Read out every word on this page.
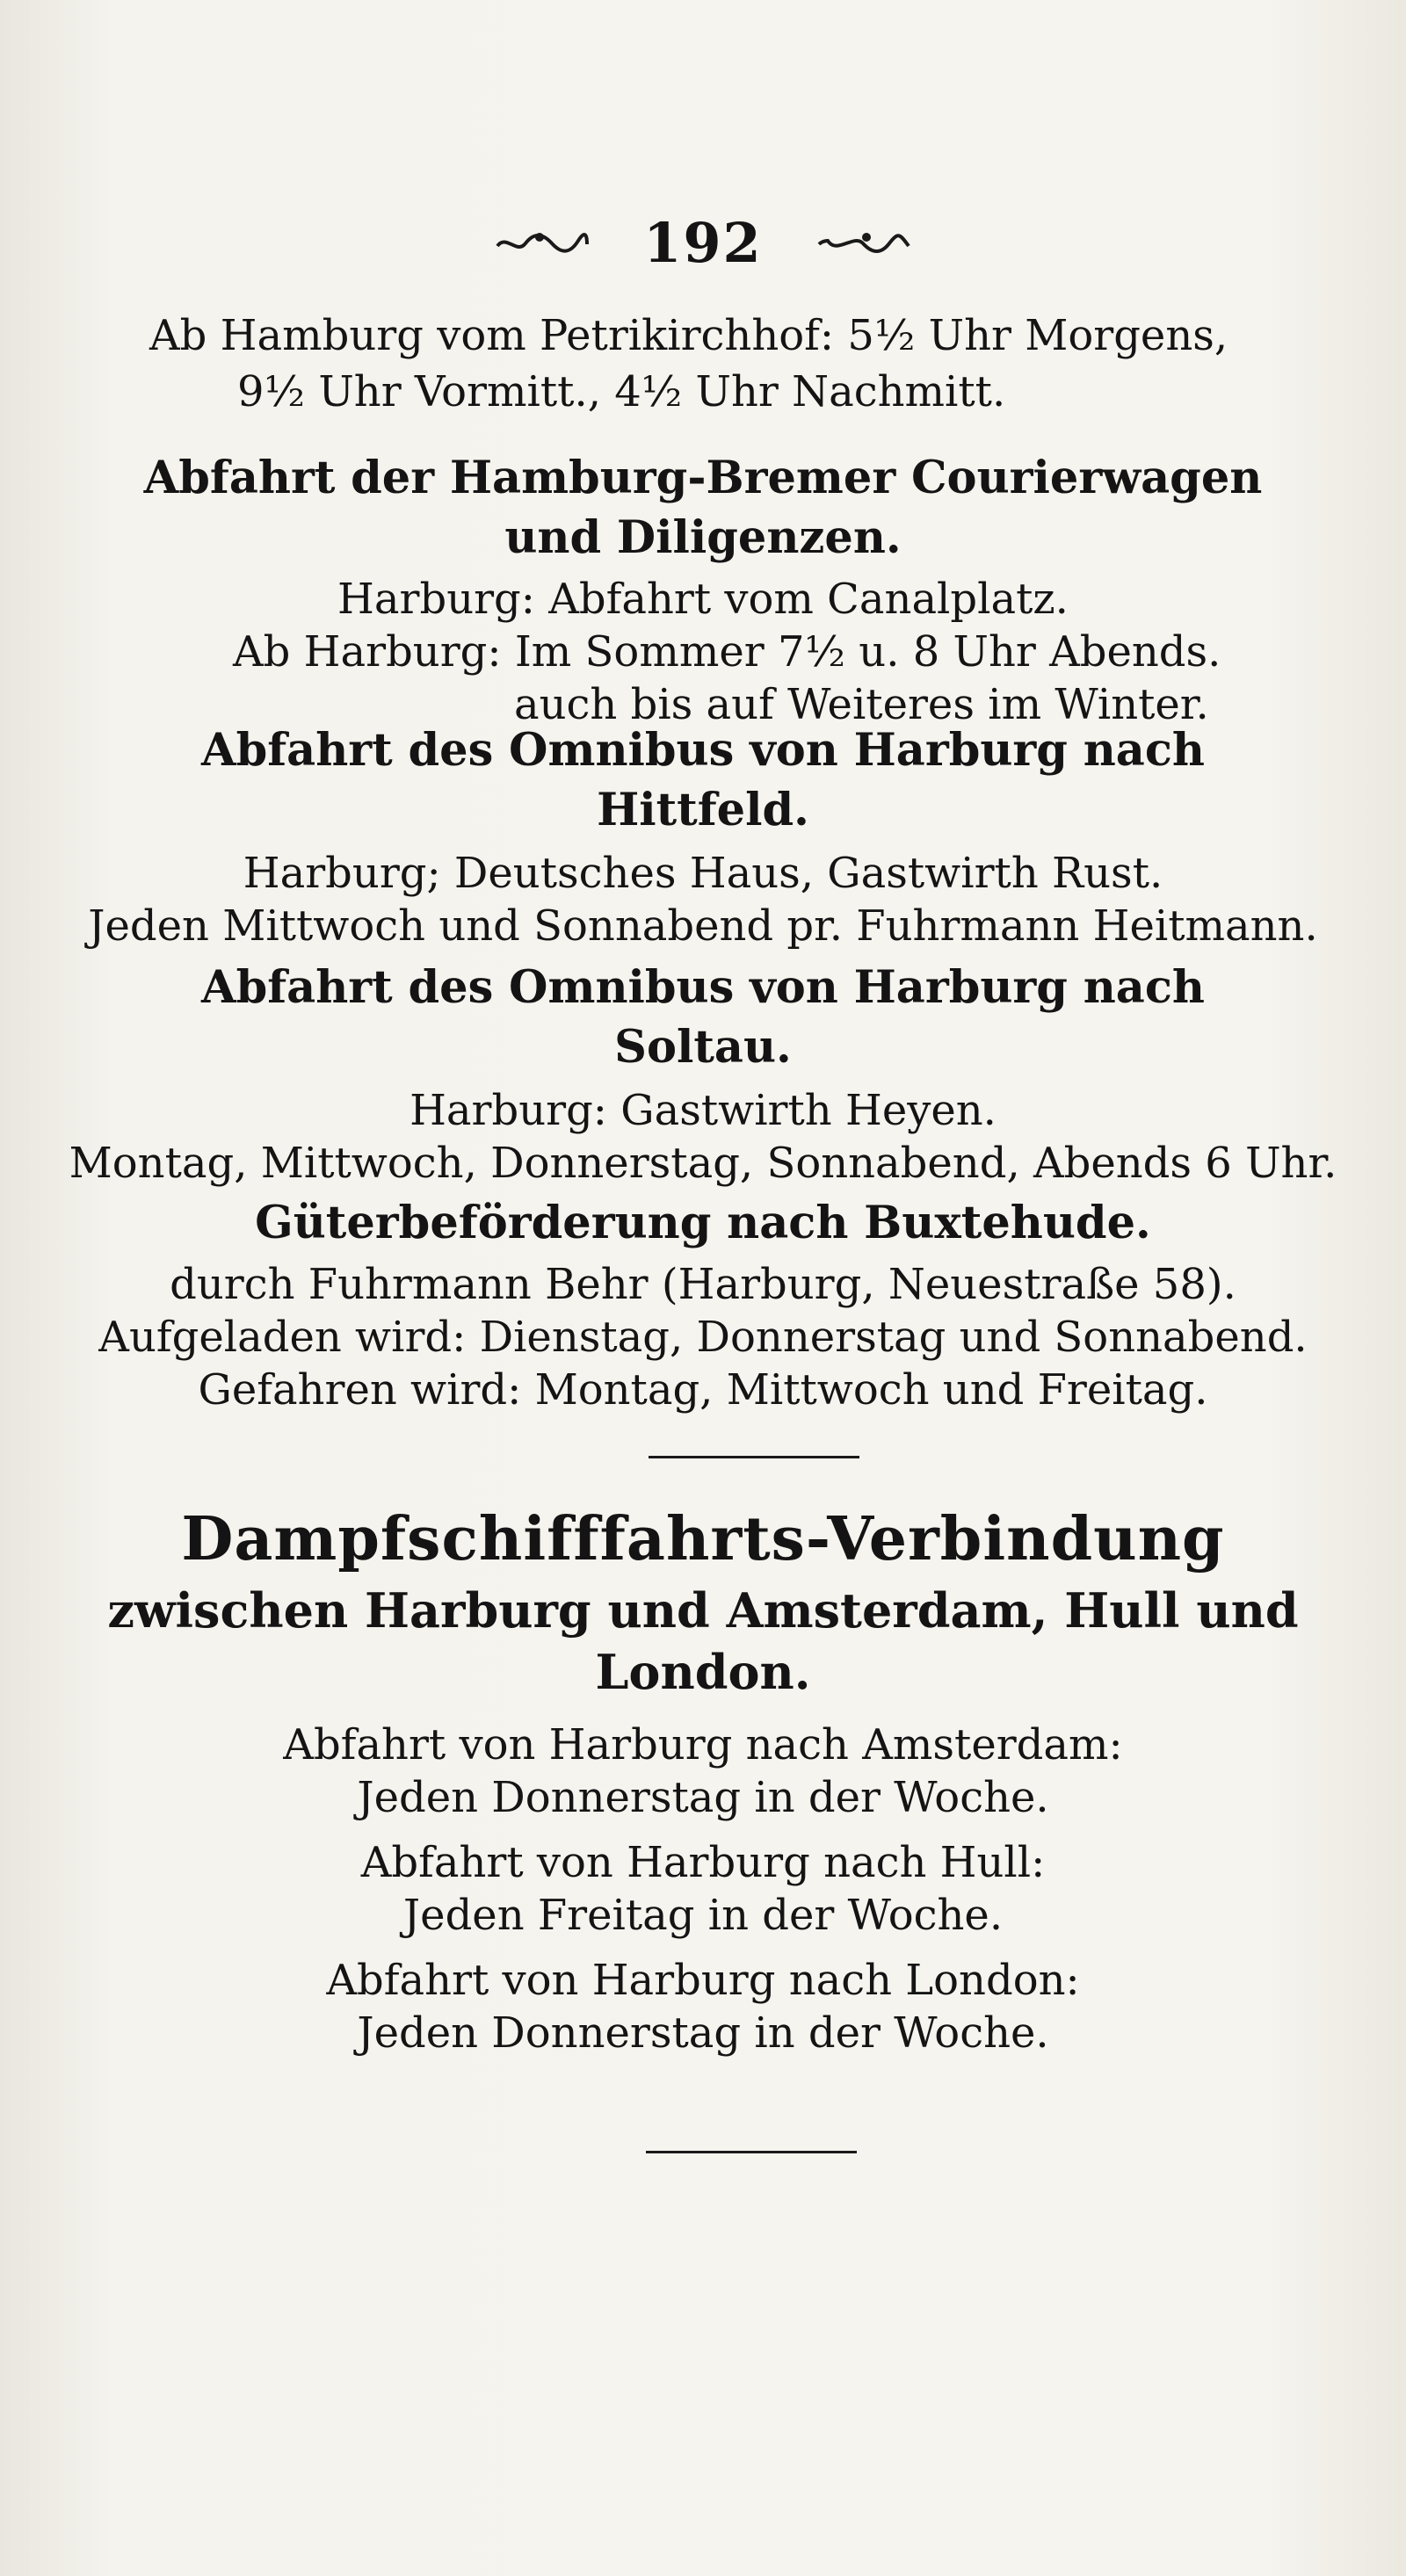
192
Ab Hamburg vom Petrikirchhof: 5½ Uhr Morgens,
9½ Uhr Vormitt., 4½ Uhr Nachmitt.
Abfahrt der Hamburg-Bremer Courierwagen
und Diligenzen.
Harburg: Abfahrt vom Canalplatz.
Ab Harburg: Im Sommer 7½ u. 8 Uhr Abends.
auch bis auf Weiteres im Winter.
Abfahrt des Omnibus von Harburg nach
Hittfeld.
Harburg; Deutsches Haus, Gastwirth Rust.
Jeden Mittwoch und Sonnabend pr. Fuhrmann Heitmann.
Abfahrt des Omnibus von Harburg nach
Soltau.
Harburg: Gastwirth Heyen.
Montag, Mittwoch, Donnerstag, Sonnabend, Abends 6 Uhr.
Güterbeförderung nach Buxtehude.
durch Fuhrmann Behr (Harburg, Neuestraße 58).
Aufgeladen wird: Dienstag, Donnerstag und Sonnabend.
Gefahren wird: Montag, Mittwoch und Freitag.
Dampfschifffahrts-Verbindung
zwischen Harburg und Amsterdam, Hull und
London.
Abfahrt von Harburg nach Amsterdam:
Jeden Donnerstag in der Woche.
Abfahrt von Harburg nach Hull:
Jeden Freitag in der Woche.
Abfahrt von Harburg nach London:
Jeden Donnerstag in der Woche.
